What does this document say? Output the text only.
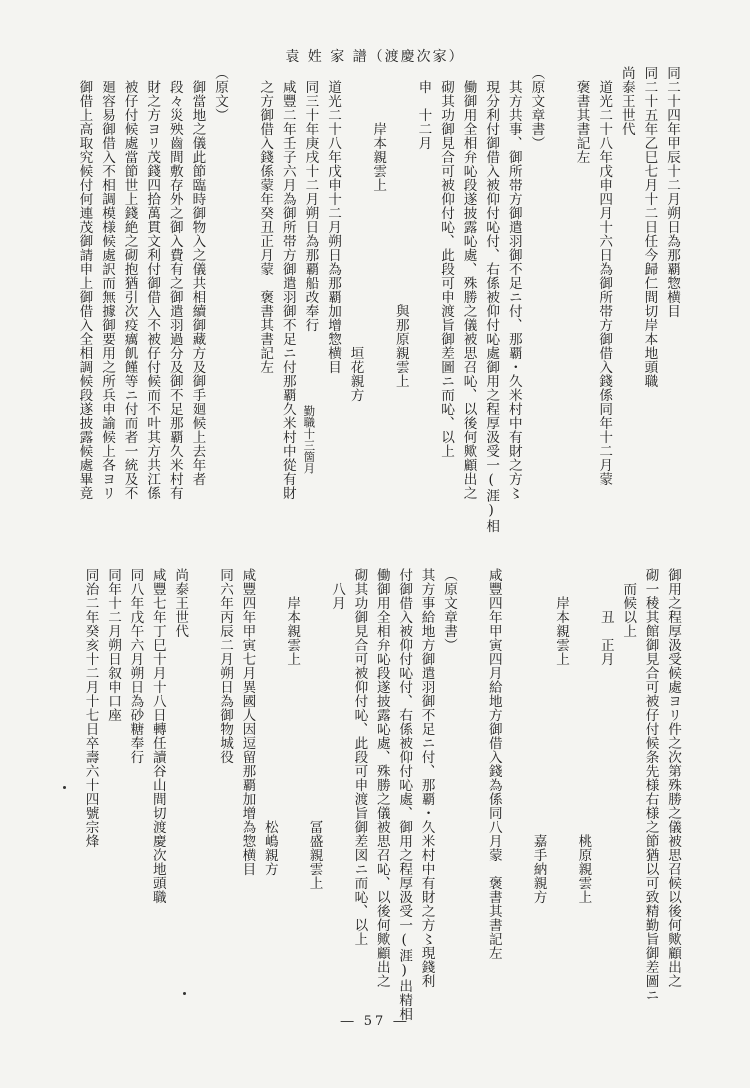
袁 姓 家 譜（渡慶次家）
同二十四年甲辰十二月朔日為那覇惣横目
同二十五年乙巳七月十二日任今歸仁間切岸本地頭職
尚泰王世代
　道光二十八年戊申四月十六日為御所帯方御借入錢係同年十二月蒙
　褒書其書記左
（原文章書）
　其方共事、御所帯方御遣羽御不足ニ付、那覇・久米村中有財之方〻
　現分利付御借入被仰付吣付、右係被仰付吣處御用之程厚汲受一(涯)相
　働御用全相弁吣段遂披露吣處、殊勝之儀被思召吣、以後何歟顧出之
　砌其功御見合可被仰付吣、此段可申渡旨御差圖ニ而吣、以上
　申　十二月
　　　　　　　　　　　　　　　　　與那原親雲上
　　　　岸本親雲上
　　　　　　　　　　　　　　　　　　　　垣花親方
　道光二十八年戊申十二月朔日為那覇加增惣横目
　同三十年庚戌十二月朔日為那覇船改奉行
　咸豐二年壬子六月為御所帯方御遣羽御不足ニ付那覇久米村中從有財
　之方御借入錢係蒙年癸丑正月蒙　褒書其書記左
（原文）
　御當地之儀此節臨時御物入之儀共相續御藏方及御手廻候上去年者
　段々災殃齒間敷存外之御入費有之御遣羽過分及御不足那覇久米村有
　財之方ヨリ茂錢四拾萬貫文利付御借入不被仔付候而不叶其方共江係
　被仔付候處當節世上錢絶之砌抱猶引次疫癘飢饉等ニ付而者一統及不
　廻容易御借入不相調模様候處訳而無據御要用之所兵申諭候上各ヨリ
　御借上高取究候付何連茂御請申上御借入全相調候段遂披露候處畢竟	勤職十三箇月
御用之程厚汲受候處ヨリ件之次第殊勝之儀被思召候以後何歟顧出之
砌一稜其館御見合可被仔付候条先様右様之節猶以可致精勤旨御差圖ニ
　而候以上
　　　丑　正月
　　　　　　　　　　　　　　　　　　　桃原親雲上
　　岸本親雲上
　　　　　　　　　　　　　　　　　　　嘉手納親方
咸豐四年甲寅四月給地方御借入錢為係同八月蒙　褒書其書記左
（原文章書）
其方事給地方御遣羽御不足ニ付、那覇・久米村中有財之方〻現錢利
付御借入被仰付吣付、右係被仰付吣處、御用之程厚汲受一(涯)出精相
働御用全相弁吣段遂披露吣處、殊勝之儀被思召吣、以後何歟顧出之
砌其功御見合可被仰付吣、此段可申渡旨御差図ニ而吣、以上
　八月
　　　　　　　　　　　　　　　　　　冨盛親雲上
　　岸本親雲上
　　　　　　　　　　　　　　　　　　松嶋親方
咸豐四年甲寅七月異國人因逗留那覇加增為惣横目
同六年丙辰二月朔日為御物城役
尚泰王世代
咸豐七年丁巳十月十八日轉任讀谷山間切渡慶次地頭職
同八年戊午六月朔日為砂糖奉行
同年十二月朔日叙申口座
同治二年癸亥十二月十七日卒壽六十四號宗烽
― 57 ―
